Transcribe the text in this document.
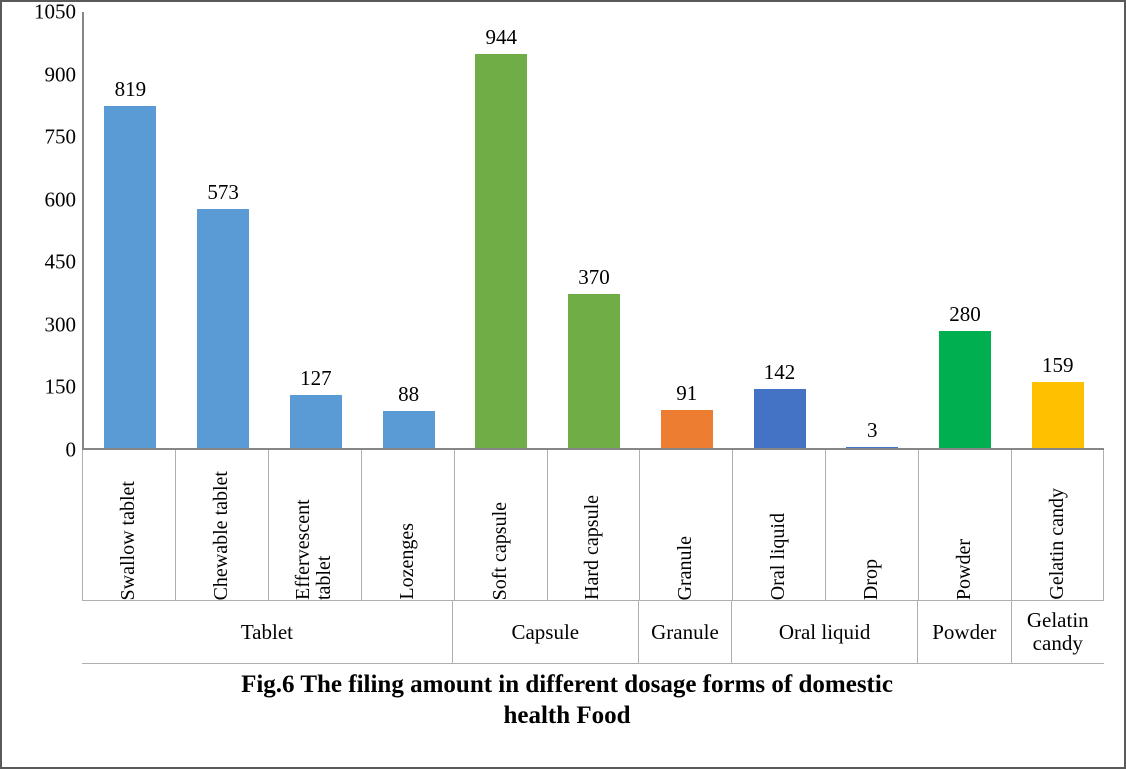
0
150
300
450
600
750
900
1050
819
573
127
88
944
370
91
142
3
280
159
Swallow tablet	Chewable tablet	Effervescent tablet	Lozenges	Soft capsule	Hard capsule	Granule	Oral liquid	Drop	Powder	Gelatin candy
Tablet	Capsule	Granule	Oral liquid	Powder	Gelatin candy
Fig.6 The filing amount in different dosage forms of domestic
health Food
